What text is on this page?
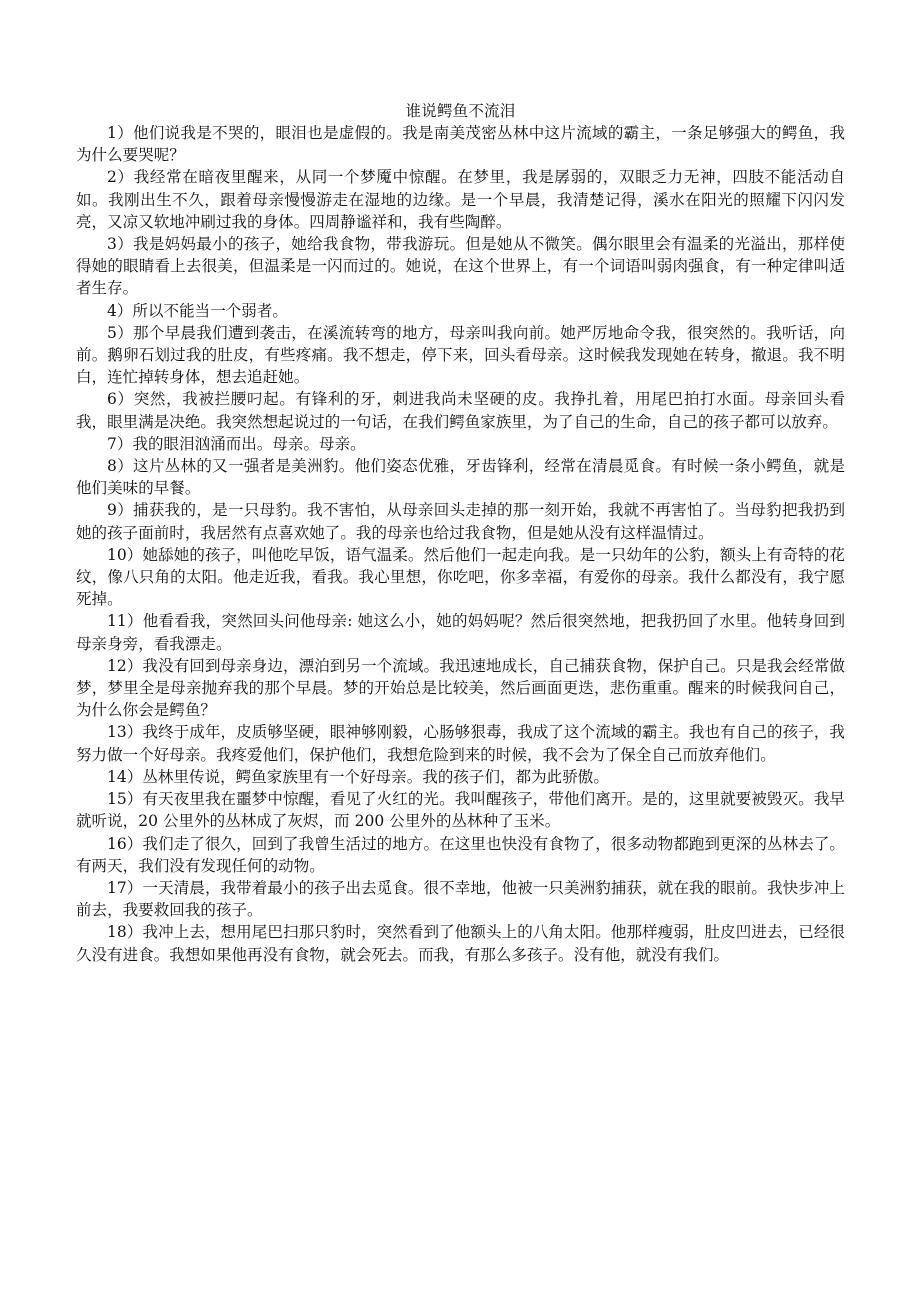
谁说鳄鱼不流泪

1）他们说我是不哭的，眼泪也是虚假的。我是南美茂密丛林中这片流域的霸主，一条足够强大的鳄鱼，我为什么要哭呢？

2）我经常在暗夜里醒来，从同一个梦魇中惊醒。在梦里，我是孱弱的，双眼乏力无神，四肢不能活动自如。我刚出生不久，跟着母亲慢慢游走在湿地的边缘。是一个早晨，我清楚记得，溪水在阳光的照耀下闪闪发亮，又凉又软地冲刷过我的身体。四周静谧祥和，我有些陶醉。

3）我是妈妈最小的孩子，她给我食物，带我游玩。但是她从不微笑。偶尔眼里会有温柔的光溢出，那样使得她的眼睛看上去很美，但温柔是一闪而过的。她说，在这个世界上，有一个词语叫弱肉强食，有一种定律叫适者生存。

4）所以不能当一个弱者。

5）那个早晨我们遭到袭击，在溪流转弯的地方，母亲叫我向前。她严厉地命令我，很突然的。我听话，向前。鹅卵石划过我的肚皮，有些疼痛。我不想走，停下来，回头看母亲。这时候我发现她在转身，撤退。我不明白，连忙掉转身体，想去追赶她。

6）突然，我被拦腰叼起。有锋利的牙，刺进我尚未坚硬的皮。我挣扎着，用尾巴拍打水面。母亲回头看我，眼里满是决绝。我突然想起说过的一句话，在我们鳄鱼家族里，为了自己的生命，自己的孩子都可以放弃。

7）我的眼泪汹涌而出。母亲。母亲。

8）这片丛林的又一强者是美洲豹。他们姿态优雅，牙齿锋利，经常在清晨觅食。有时候一条小鳄鱼，就是他们美味的早餐。

9）捕获我的，是一只母豹。我不害怕，从母亲回头走掉的那一刻开始，我就不再害怕了。当母豹把我扔到她的孩子面前时，我居然有点喜欢她了。我的母亲也给过我食物，但是她从没有这样温情过。

10）她舔她的孩子，叫他吃早饭，语气温柔。然后他们一起走向我。是一只幼年的公豹，额头上有奇特的花纹，像八只角的太阳。他走近我，看我。我心里想，你吃吧，你多幸福，有爱你的母亲。我什么都没有，我宁愿死掉。

11）他看看我，突然回头问他母亲: 她这么小，她的妈妈呢？然后很突然地，把我扔回了水里。他转身回到母亲身旁，看我漂走。

12）我没有回到母亲身边，漂泊到另一个流域。我迅速地成长，自己捕获食物，保护自己。只是我会经常做梦，梦里全是母亲抛弃我的那个早晨。梦的开始总是比较美，然后画面更迭，悲伤重重。醒来的时候我问自己，为什么你会是鳄鱼？

13）我终于成年，皮质够坚硬，眼神够刚毅，心肠够狠毒，我成了这个流域的霸主。我也有自己的孩子，我努力做一个好母亲。我疼爱他们，保护他们，我想危险到来的时候，我不会为了保全自己而放弃他们。

14）丛林里传说，鳄鱼家族里有一个好母亲。我的孩子们，都为此骄傲。

15）有天夜里我在噩梦中惊醒，看见了火红的光。我叫醒孩子，带他们离开。是的，这里就要被毁灭。我早就听说，20 公里外的丛林成了灰烬，而 200 公里外的丛林种了玉米。

16）我们走了很久，回到了我曾生活过的地方。在这里也快没有食物了，很多动物都跑到更深的丛林去了。有两天，我们没有发现任何的动物。

17）一天清晨，我带着最小的孩子出去觅食。很不幸地，他被一只美洲豹捕获，就在我的眼前。我快步冲上前去，我要救回我的孩子。

18）我冲上去，想用尾巴扫那只豹时，突然看到了他额头上的八角太阳。他那样瘦弱，肚皮凹进去，已经很久没有进食。我想如果他再没有食物，就会死去。而我，有那么多孩子。没有他，就没有我们。
